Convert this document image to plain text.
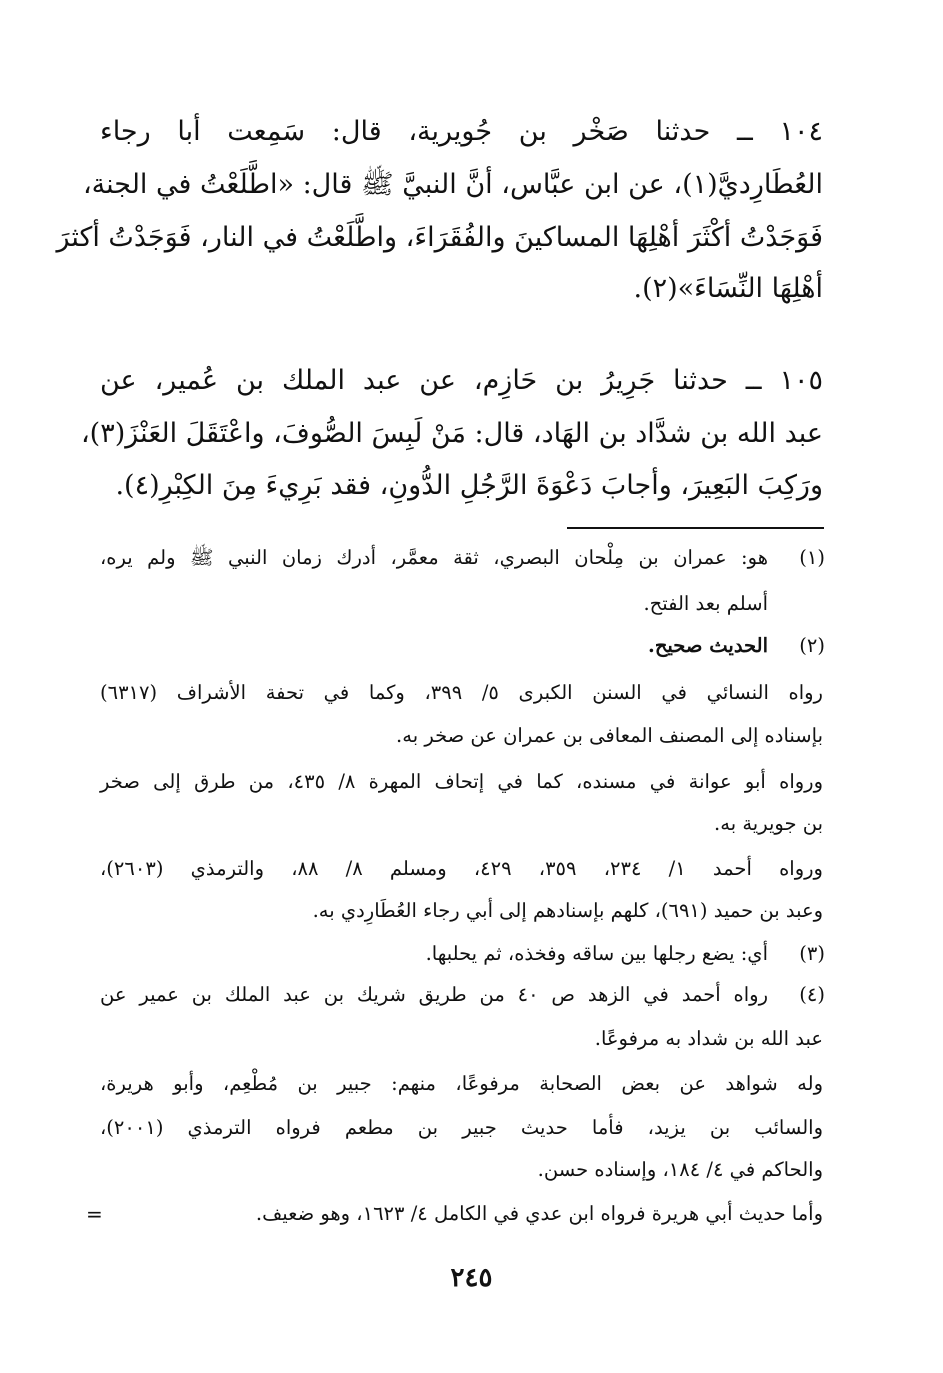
١٠٤ ــ حدثنا صَخْر بن جُويرية، قال: سَمِعت أبا رجاء
العُطَارِديَّ(١)، عن ابن عبَّاس، أنَّ النبيَّ ﷺ قال: «اطَّلَعْتُ في الجنة،
فَوَجَدْتُ أكْثَرَ أهْلِهَا المساكينَ والفُقَرَاءَ، واطَّلَعْتُ في النار، فَوَجَدْتُ أكثرَ
أهْلِهَا النِّسَاءَ»(٢).
١٠٥ ــ حدثنا جَرِيرُ بن حَازِم، عن عبد الملك بن عُمير، عن
عبد الله بن شدَّاد بن الهَاد، قال: مَنْ لَبِسَ الصُّوفَ، واعْتَقَلَ العَنْزَ(٣)،
ورَكِبَ البَعِيرَ، وأجابَ دَعْوَةَ الرَّجُلِ الدُّونِ، فقد بَرِيءَ مِنَ الكِبْرِ(٤).
(١)
هو: عمران بن مِلْحان البصري، ثقة معمَّر، أدرك زمان النبي ﷺ ولم يره،
أسلم بعد الفتح.
(٢)
الحديث صحيح.
رواه النسائي في السنن الكبرى ٥/ ٣٩٩، وكما في تحفة الأشراف (٦٣١٧)
بإسناده إلى المصنف المعافى بن عمران عن صخر به.
ورواه أبو عوانة في مسنده، كما في إتحاف المهرة ٨/ ٤٣٥، من طرق إلى صخر
بن جويرية به.
ورواه أحمد ١/ ٢٣٤، ٣٥٩، ٤٢٩، ومسلم ٨/ ٨٨، والترمذي (٢٦٠٣)،
وعبد بن حميد (٦٩١)، كلهم بإسنادهم إلى أبي رجاء العُطَارِدي به.
(٣)
أي: يضع رجلها بين ساقه وفخذه، ثم يحلبها.
(٤)
رواه أحمد في الزهد ص ٤٠ من طريق شريك بن عبد الملك بن عمير عن
عبد الله بن شداد به مرفوعًا.
وله شواهد عن بعض الصحابة مرفوعًا، منهم: جبير بن مُطْعِم، وأبو هريرة،
والسائب بن يزيد، فأما حديث جبير بن مطعم فرواه الترمذي (٢٠٠١)،
والحاكم في ٤/ ١٨٤، وإسناده حسن.
وأما حديث أبي هريرة فرواه ابن عدي في الكامل ٤/ ١٦٢٣، وهو ضعيف.
=
٢٤٥
